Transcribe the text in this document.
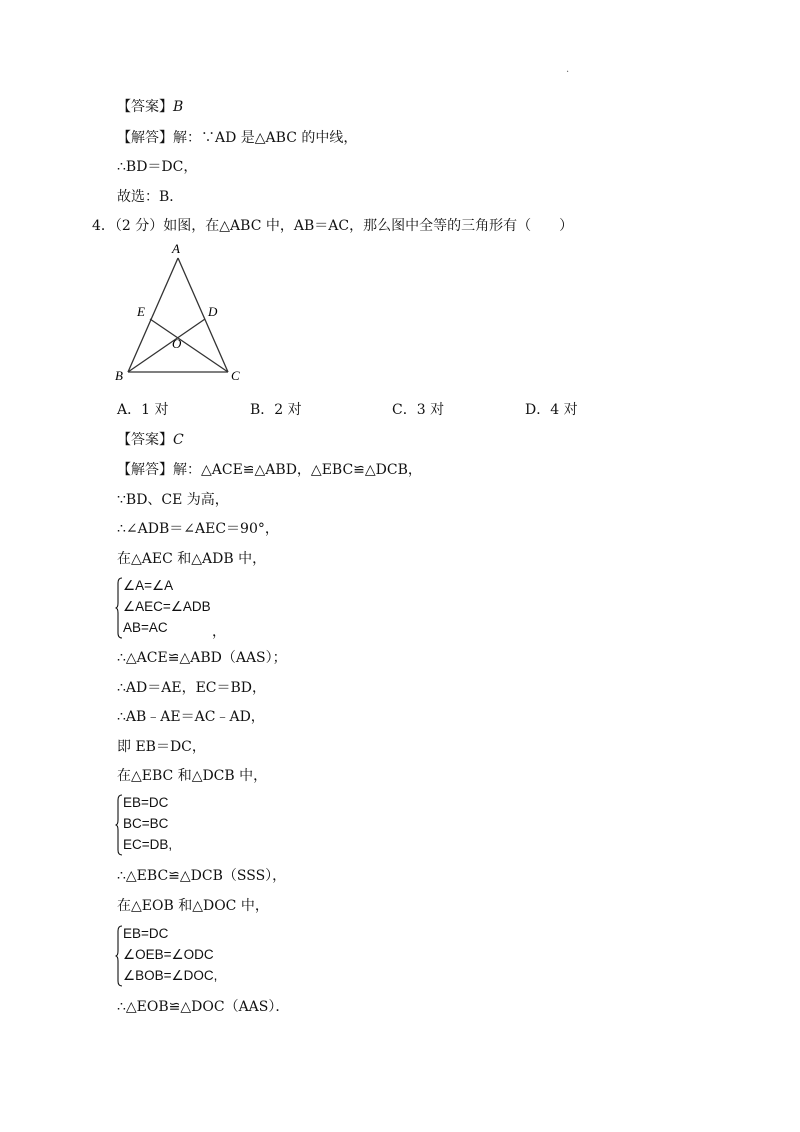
.
【答案】B
【解答】解：∵AD 是△ABC 的中线，
∴BD＝DC，
故选：B．
4．（2 分）如图，在△ABC 中，AB＝AC，那么图中全等的三角形有（　　）
A
E	D
O
B	C
A．1 对	B．2 对	C．3 对	D．4 对
【答案】C
【解答】解：△ACE≌△ABD，△EBC≌△DCB，
∵BD、CE 为高，
∴∠ADB＝∠AEC＝90°，
在△AEC 和△ADB 中，
∠A=∠A
∠AEC=∠ADB
AB=AC	，
∴△ACE≌△ABD（AAS）；
∴AD＝AE，EC＝BD，
∴AB﹣AE＝AC﹣AD，
即 EB＝DC，
在△EBC 和△DCB 中，
EB=DC
BC=BC
EC=DB,
∴△EBC≌△DCB（SSS），
在△EOB 和△DOC 中，
EB=DC
∠OEB=∠ODC
∠BOB=∠DOC,
∴△EOB≌△DOC（AAS）．
